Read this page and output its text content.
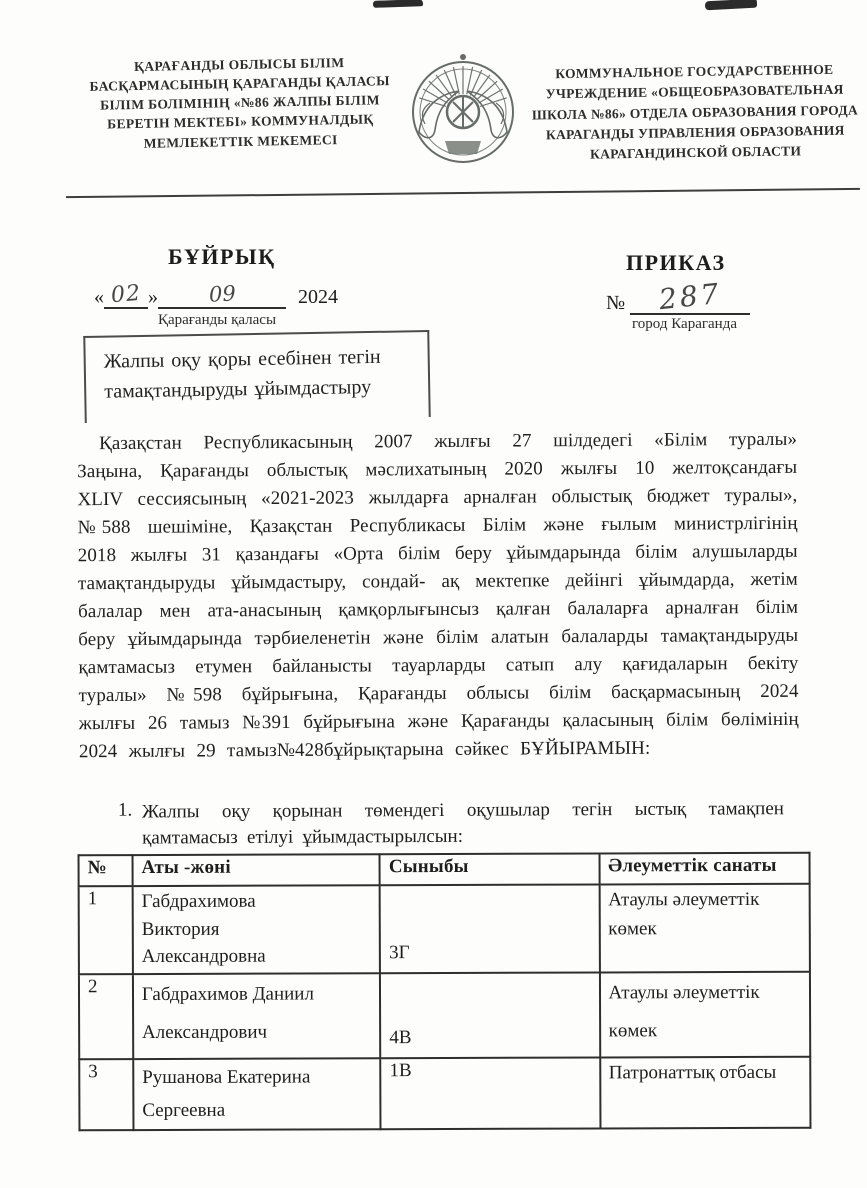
ҚАРАҒАНДЫ ОБЛЫСЫ БІЛІМ БАСҚАРМАСЫНЫҢ ҚАРАГАНДЫ ҚАЛАСЫ БІЛІМ БОЛІМІНІҢ «№86 ЖАЛПЫ БІЛІМ БЕРЕТІН МЕКТЕБІ» КОММУНАЛДЫҚ МЕМЛЕКЕТТІК МЕКЕМЕСІ
КОММУНАЛЬНОЕ ГОСУДАРСТВЕННОЕ УЧРЕЖДЕНИЕ «ОБЩЕОБРАЗОВАТЕЛЬНАЯ ШКОЛА №86» ОТДЕЛА ОБРАЗОВАНИЯ ГОРОДА КАРАГАНДЫ УПРАВЛЕНИЯ ОБРАЗОВАНИЯ КАРАГАНДИНСКОЙ ОБЛАСТИ
БҰЙРЫҚ	ПРИКАЗ
« 02 » 09	2024
Қарағанды қаласы
№ 287
город Караганда
Жалпы оқу қоры есебінен тегін тамақтандыруды ұйымдастыру
Қазақстан Республикасының 2007 жылғы 27 шілдедегі «Білім туралы» Заңына, Қарағанды облыстық мәслихатының 2020 жылғы 10 желтоқсандағы XLIV сессиясының «2021-2023 жылдарға арналған облыстық бюджет туралы», №588 шешіміне, Қазақстан Республикасы Білім және ғылым министрлігінің 2018 жылғы 31 қазандағы «Орта білім беру ұйымдарында білім алушыларды тамақтандыруды ұйымдастыру, сондай- ақ мектепке дейінгі ұйымдарда, жетім балалар мен ата-анасының қамқорлығынсыз қалған балаларға арналған білім беру ұйымдарында тәрбиеленетін және білім алатын балаларды тамақтандыруды қамтамасыз етумен байланысты тауарларды сатып алу қағидаларын бекіту туралы» №598 бұйрығына, Қарағанды облысы білім басқармасының 2024 жылғы 26 тамыз №391 бұйрығына және Қарағанды қаласының білім бөлімінің 2024 жылғы 29 тамыз№428бұйрықтарына сәйкес БҰЙЫРАМЫН:
1. Жалпы оқу қорынан төмендегі оқушылар тегін ыстық тамақпен қамтамасыз етілуі ұйымдастырылсын:
№	Аты -жөні	Сыныбы	Әлеуметтік санаты
1	Габдрахимова Виктория Александровна	3Г	Атаулы әлеуметтік көмек
2	Габдрахимов Даниил Александрович	4В	Атаулы әлеуметтік көмек
3	Рушанова Екатерина Сергеевна	1В	Патронаттық отбасы
